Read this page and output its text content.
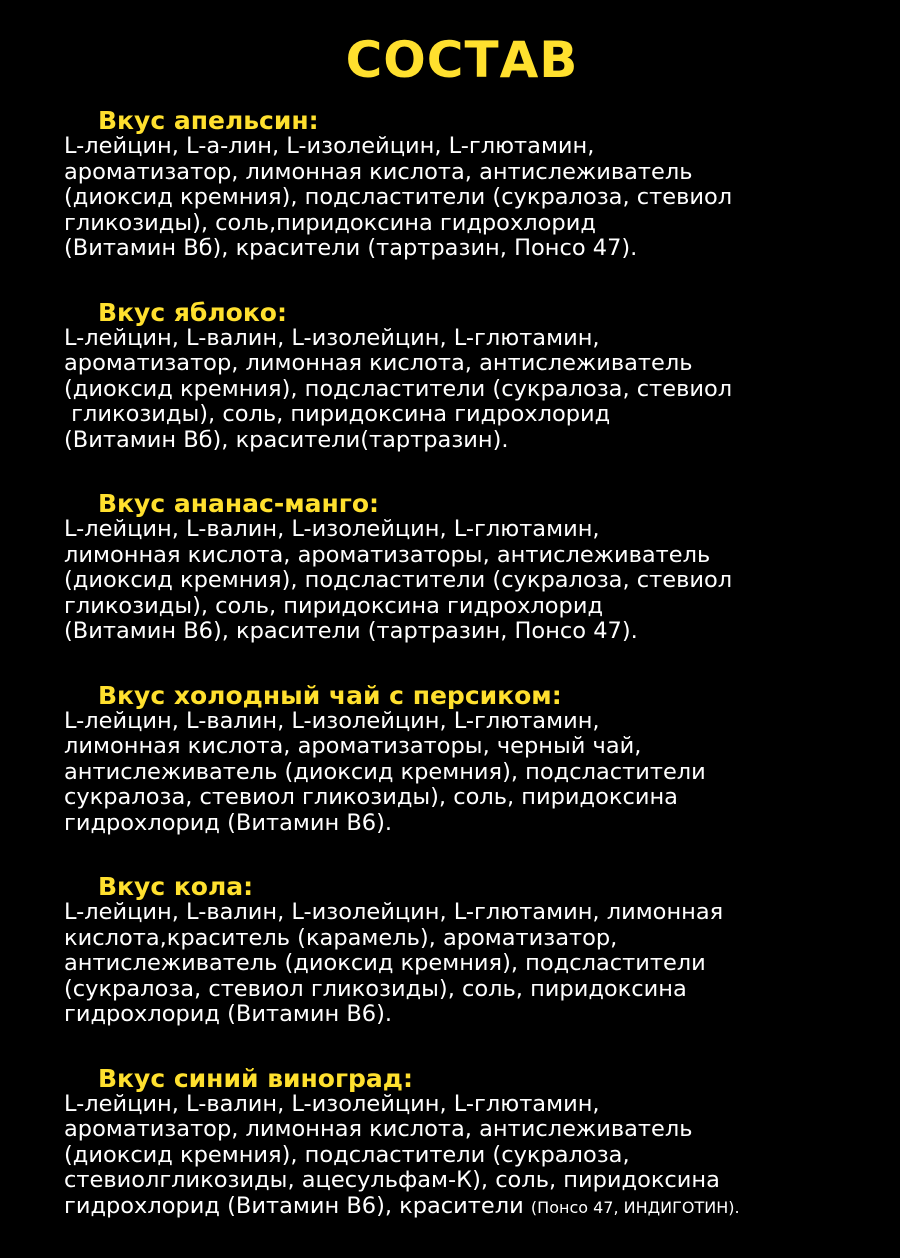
СОСТАВ
Вкус апельсин:
L-лейцин, L-a-лин, L-изолейцин, L-глютамин,
ароматизатор, лимонная кислота, антислеживатель
(диоксид кремния), подсластители (сукралоза, стевиол
гликозиды), соль,пиридоксина гидрохлорид
(Витамин Вб), красители (тартразин, Понсо 47).
Вкус яблоко:
L-лейцин, L-валин, L-изолейцин, L-глютамин,
ароматизатор, лимонная кислота, антислеживатель
(диоксид кремния), подсластители (сукралоза, стевиол
гликозиды), соль, пиридоксина гидрохлорид
(Витамин Вб), красители(тартразин).
Вкус ананас-манго:
L-лейцин, L-валин, L-изолейцин, L-глютамин,
лимонная кислота, ароматизаторы, антислеживатель
(диоксид кремния), подсластители (сукралоза, стевиол
гликозиды), соль, пиридоксина гидрохлорид
(Витамин В6), красители (тартразин, Понсо 47).
Вкус холодный чай с персиком:
L-лейцин, L-валин, L-изолейцин, L-глютамин,
лимонная кислота, ароматизаторы, черный чай,
антислеживатель (диоксид кремния), подсластители
сукралоза, стевиол гликозиды), соль, пиридоксина
гидрохлорид (Витамин В6).
Вкус кола:
L-лейцин, L-валин, L-изолейцин, L-глютамин, лимонная
кислота,краситель (карамель), ароматизатор,
антислеживатель (диоксид кремния), подсластители
(сукралоза, стевиол гликозиды), соль, пиридоксина
гидрохлорид (Витамин В6).
Вкус синий виноград:
L-лейцин, L-валин, L-изолейцин, L-глютамин,
ароматизатор, лимонная кислота, антислеживатель
(диоксид кремния), подсластители (сукралоза,
стевиолгликозиды, ацесульфам-К), соль, пиридоксина
гидрохлорид (Витамин В6), красители (Понсо 47, ИНДИГОТИН).
